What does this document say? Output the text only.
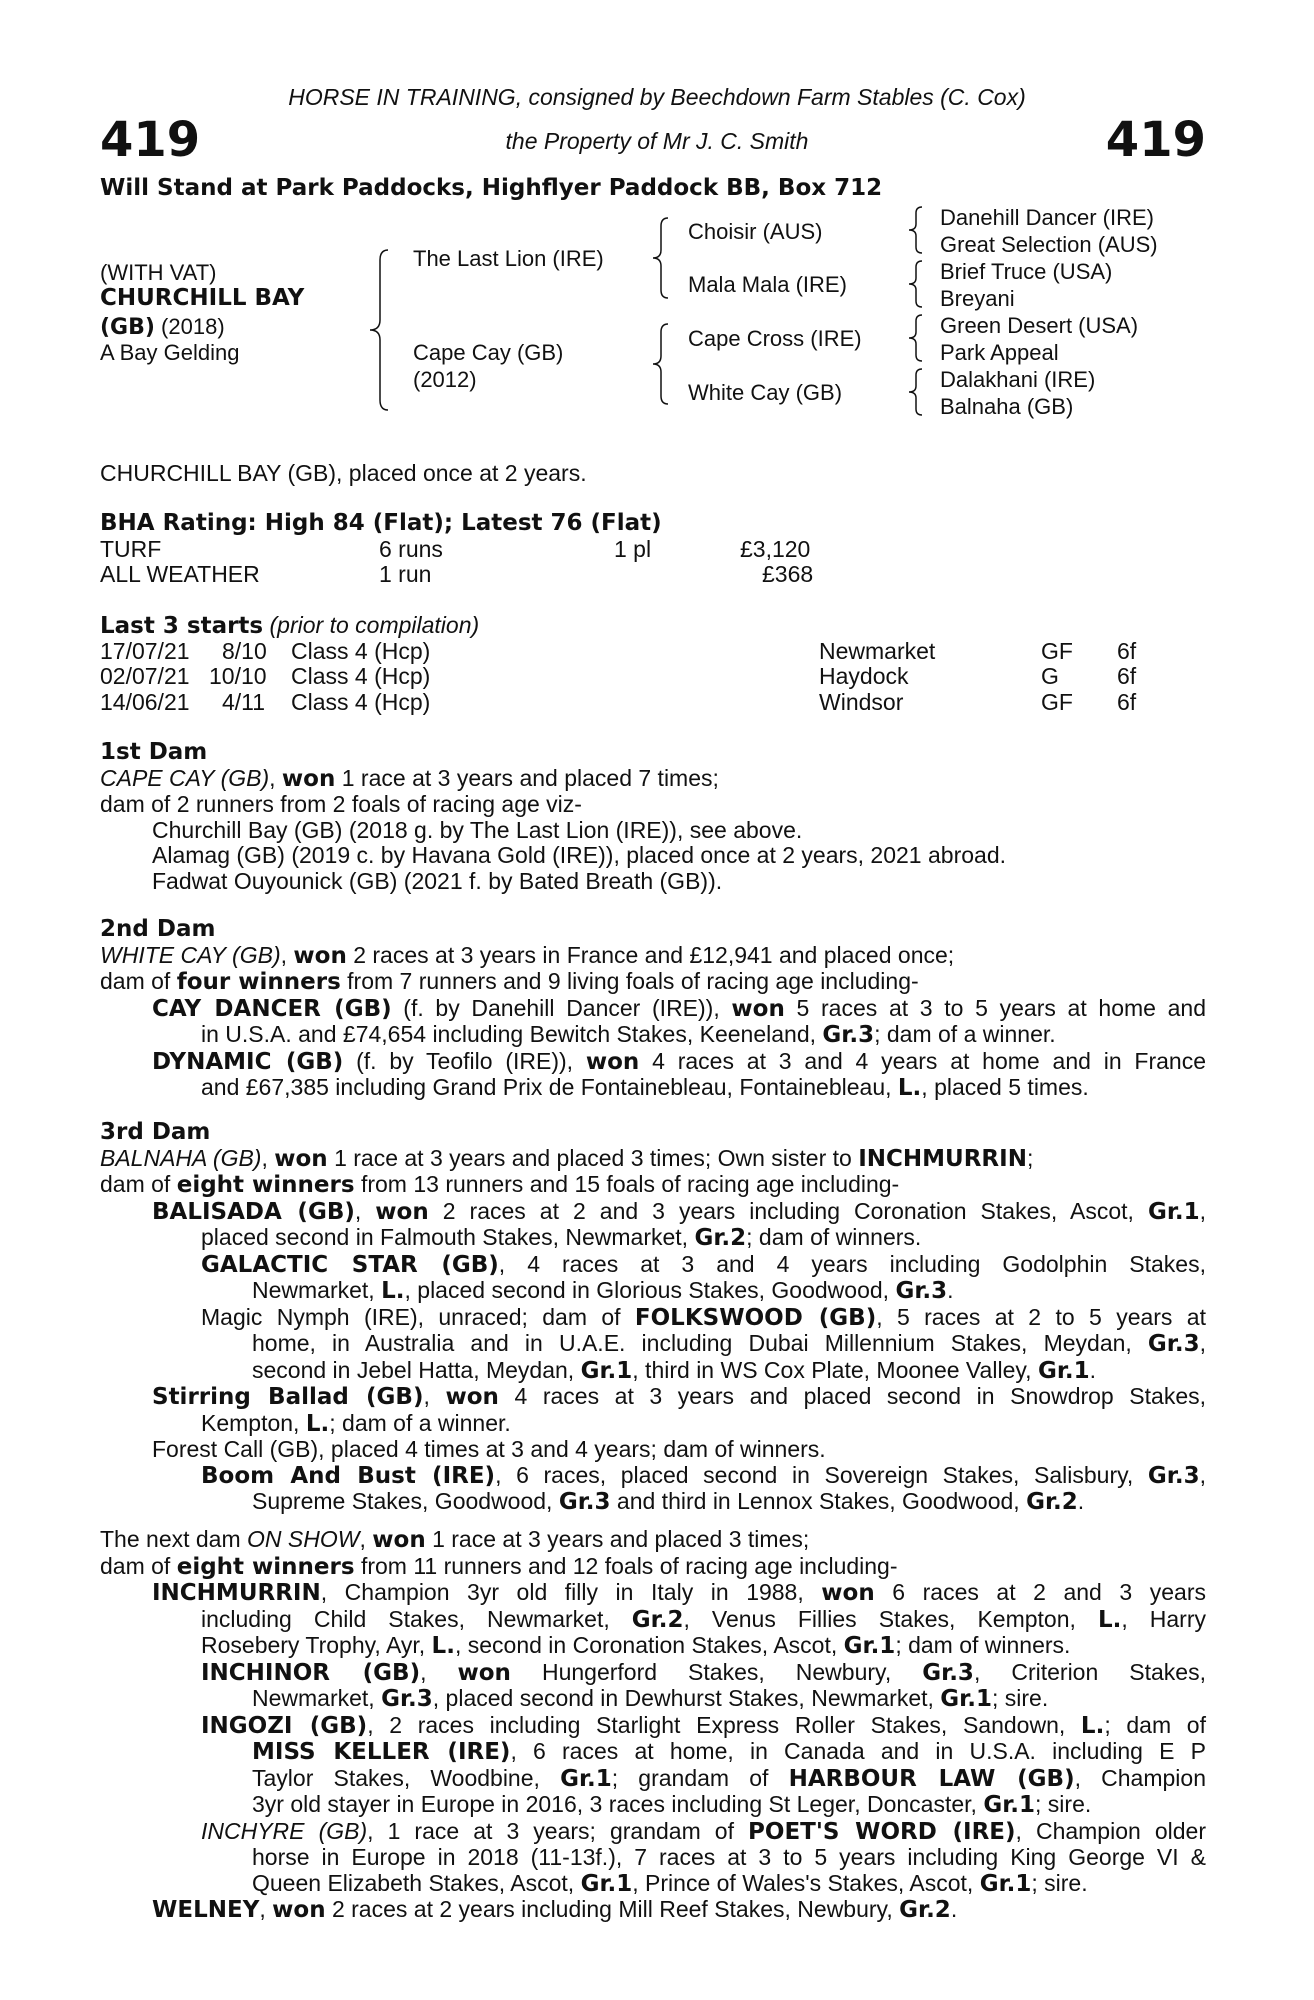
HORSE IN TRAINING, consigned by Beechdown Farm Stables (C. Cox)
419	the Property of Mr J. C. Smith	419
Will Stand at Park Paddocks, Highflyer Paddock BB, Box 712
(WITH VAT)
CHURCHILL BAY
(GB) (2018)
A Bay Gelding
The Last Lion (IRE)
Cape Cay (GB)
(2012)
Choisir (AUS)
Mala Mala (IRE)
Cape Cross (IRE)
White Cay (GB)
Danehill Dancer (IRE)
Great Selection (AUS)
Brief Truce (USA)
Breyani
Green Desert (USA)
Park Appeal
Dalakhani (IRE)
Balnaha (GB)
CHURCHILL BAY (GB), placed once at 2 years.
BHA Rating: High 84 (Flat); Latest 76 (Flat)
TURF	6 runs	1 pl	£3,120
ALL WEATHER	1 run	£368
Last 3 starts (prior to compilation)
17/07/21 8/10 Class 4 (Hcp)	Newmarket	GF 6f
02/07/21 10/10 Class 4 (Hcp)	Haydock	G	6f
14/06/21 4/11 Class 4 (Hcp)	Windsor	GF 6f
1st Dam
CAPE CAY (GB), won 1 race at 3 years and placed 7 times;
dam of 2 runners from 2 foals of racing age viz-
Churchill Bay (GB) (2018 g. by The Last Lion (IRE)), see above.
Alamag (GB) (2019 c. by Havana Gold (IRE)), placed once at 2 years, 2021 abroad.
Fadwat Ouyounick (GB) (2021 f. by Bated Breath (GB)).
2nd Dam
WHITE CAY (GB), won 2 races at 3 years in France and £12,941 and placed once;
dam of four winners from 7 runners and 9 living foals of racing age including-
CAY DANCER (GB) (f. by Danehill Dancer (IRE)), won 5 races at 3 to 5 years at home and
in U.S.A. and £74,654 including Bewitch Stakes, Keeneland, Gr.3; dam of a winner.
DYNAMIC (GB) (f. by Teofilo (IRE)), won 4 races at 3 and 4 years at home and in France
and £67,385 including Grand Prix de Fontainebleau, Fontainebleau, L., placed 5 times.
3rd Dam
BALNAHA (GB), won 1 race at 3 years and placed 3 times; Own sister to INCHMURRIN;
dam of eight winners from 13 runners and 15 foals of racing age including-
BALISADA (GB), won 2 races at 2 and 3 years including Coronation Stakes, Ascot, Gr.1,
placed second in Falmouth Stakes, Newmarket, Gr.2; dam of winners.
GALACTIC STAR (GB), 4 races at 3 and 4 years including Godolphin Stakes,
Newmarket, L., placed second in Glorious Stakes, Goodwood, Gr.3.
Magic Nymph (IRE), unraced; dam of FOLKSWOOD (GB), 5 races at 2 to 5 years at
home, in Australia and in U.A.E. including Dubai Millennium Stakes, Meydan, Gr.3,
second in Jebel Hatta, Meydan, Gr.1, third in WS Cox Plate, Moonee Valley, Gr.1.
Stirring Ballad (GB), won 4 races at 3 years and placed second in Snowdrop Stakes,
Kempton, L.; dam of a winner.
Forest Call (GB), placed 4 times at 3 and 4 years; dam of winners.
Boom And Bust (IRE), 6 races, placed second in Sovereign Stakes, Salisbury, Gr.3,
Supreme Stakes, Goodwood, Gr.3 and third in Lennox Stakes, Goodwood, Gr.2.
The next dam ON SHOW, won 1 race at 3 years and placed 3 times;
dam of eight winners from 11 runners and 12 foals of racing age including-
INCHMURRIN, Champion 3yr old filly in Italy in 1988, won 6 races at 2 and 3 years
including Child Stakes, Newmarket, Gr.2, Venus Fillies Stakes, Kempton, L., Harry
Rosebery Trophy, Ayr, L., second in Coronation Stakes, Ascot, Gr.1; dam of winners.
INCHINOR (GB), won Hungerford Stakes, Newbury, Gr.3, Criterion Stakes,
Newmarket, Gr.3, placed second in Dewhurst Stakes, Newmarket, Gr.1; sire.
INGOZI (GB), 2 races including Starlight Express Roller Stakes, Sandown, L.; dam of
MISS KELLER (IRE), 6 races at home, in Canada and in U.S.A. including E P
Taylor Stakes, Woodbine, Gr.1; grandam of HARBOUR LAW (GB), Champion
3yr old stayer in Europe in 2016, 3 races including St Leger, Doncaster, Gr.1; sire.
INCHYRE (GB), 1 race at 3 years; grandam of POET'S WORD (IRE), Champion older
horse in Europe in 2018 (11-13f.), 7 races at 3 to 5 years including King George VI &
Queen Elizabeth Stakes, Ascot, Gr.1, Prince of Wales's Stakes, Ascot, Gr.1; sire.
WELNEY, won 2 races at 2 years including Mill Reef Stakes, Newbury, Gr.2.
